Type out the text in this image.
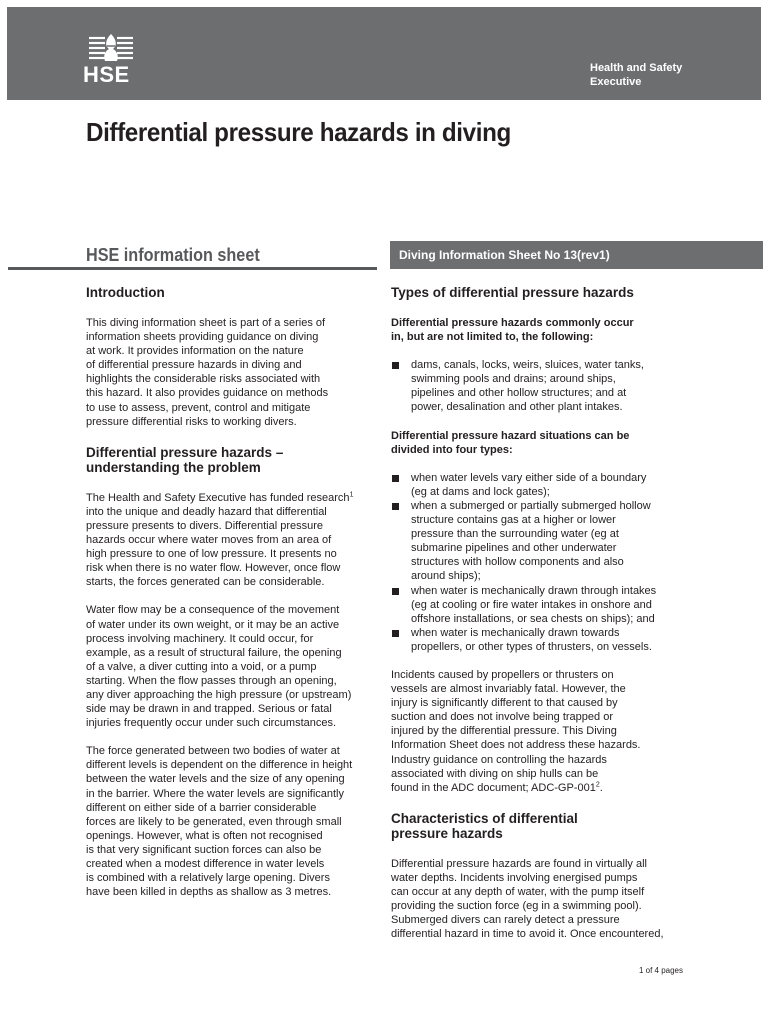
HSE	Health and Safety
Executive
Differential pressure hazards in diving
HSE information sheet	Diving Information Sheet No 13(rev1)
Introduction

This diving information sheet is part of a series of
information sheets providing guidance on diving
at work. It provides information on the nature
of differential pressure hazards in diving and
highlights the considerable risks associated with
this hazard. It also provides guidance on methods
to use to assess, prevent, control and mitigate
pressure differential risks to working divers.

Differential pressure hazards –
understanding the problem

The Health and Safety Executive has funded research$^1$
into the unique and deadly hazard that differential
pressure presents to divers. Differential pressure
hazards occur where water moves from an area of
high pressure to one of low pressure. It presents no
risk when there is no water flow. However, once flow
starts, the forces generated can be considerable.

Water flow may be a consequence of the movement
of water under its own weight, or it may be an active
process involving machinery. It could occur, for
example, as a result of structural failure, the opening
of a valve, a diver cutting into a void, or a pump
starting. When the flow passes through an opening,
any diver approaching the high pressure (or upstream)
side may be drawn in and trapped. Serious or fatal
injuries frequently occur under such circumstances.

The force generated between two bodies of water at
different levels is dependent on the difference in height
between the water levels and the size of any opening
in the barrier. Where the water levels are significantly
different on either side of a barrier considerable
forces are likely to be generated, even through small
openings. However, what is often not recognised
is that very significant suction forces can also be
created when a modest difference in water levels
is combined with a relatively large opening. Divers
have been killed in depths as shallow as 3 metres.

Types of differential pressure hazards

Differential pressure hazards commonly occur
in, but are not limited to, the following:

dams, canals, locks, weirs, sluices, water tanks,
swimming pools and drains; around ships,
pipelines and other hollow structures; and at
power, desalination and other plant intakes.

Differential pressure hazard situations can be
divided into four types:

when water levels vary either side of a boundary
(eg at dams and lock gates);
when a submerged or partially submerged hollow
structure contains gas at a higher or lower
pressure than the surrounding water (eg at
submarine pipelines and other underwater
structures with hollow components and also
around ships);
when water is mechanically drawn through intakes
(eg at cooling or fire water intakes in onshore and
offshore installations, or sea chests on ships); and
when water is mechanically drawn towards
propellers, or other types of thrusters, on vessels.

Incidents caused by propellers or thrusters on
vessels are almost invariably fatal. However, the
injury is significantly different to that caused by
suction and does not involve being trapped or
injured by the differential pressure. This Diving
Information Sheet does not address these hazards.
Industry guidance on controlling the hazards
associated with diving on ship hulls can be
found in the ADC document; ADC-$GP-001^2$.

Characteristics of differential
pressure hazards

Differential pressure hazards are found in virtually all
water depths. Incidents involving energised pumps
can occur at any depth of water, with the pump itself
providing the suction force (eg in a swimming pool).
Submerged divers can rarely detect a pressure
differential hazard in time to avoid it. Once encountered,

1 of 4 pages
